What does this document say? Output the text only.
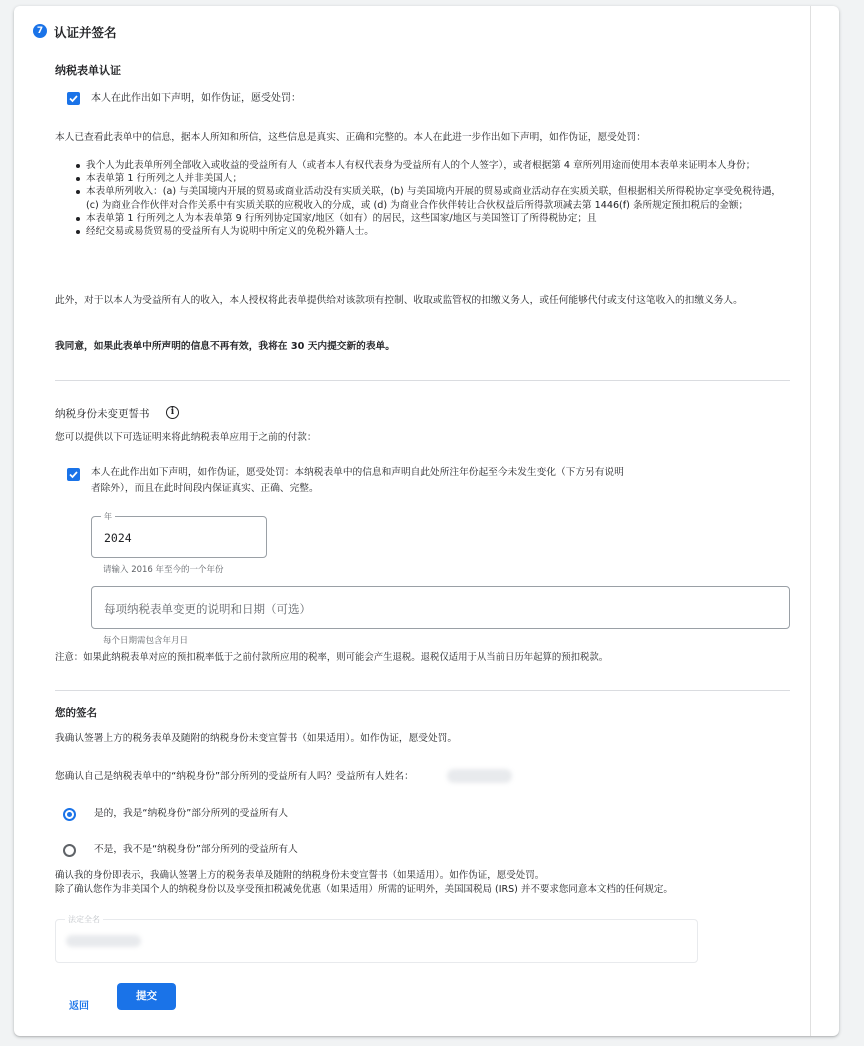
7 认证并签名
纳税表单认证
本人在此作出如下声明，如作伪证，愿受处罚：
本人已查看此表单中的信息，据本人所知和所信，这些信息是真实、正确和完整的。本人在此进一步作出如下声明，如作伪证，愿受处罚：
我个人为此表单所列全部收入或收益的受益所有人（或者本人有权代表身为受益所有人的个人签字），或者根据第 4 章所列用途而使用本表单来证明本人身份；
本表单第 1 行所列之人并非美国人；
本表单所列收入：(a) 与美国境内开展的贸易或商业活动没有实质关联，(b) 与美国境内开展的贸易或商业活动存在实质关联，但根据相关所得税协定享受免税待遇，(c) 为商业合作伙伴对合作关系中有实质关联的应税收入的分成，或 (d) 为商业合作伙伴转让合伙权益后所得款项减去第 1446(f) 条所规定预扣税后的金额；
本表单第 1 行所列之人为本表单第 9 行所列协定国家/地区（如有）的居民，这些国家/地区与美国签订了所得税协定；且
经纪交易或易货贸易的受益所有人为说明中所定义的免税外籍人士。
此外，对于以本人为受益所有人的收入，本人授权将此表单提供给对该款项有控制、收取或监管权的扣缴义务人，或任何能够代付或支付这笔收入的扣缴义务人。
我同意，如果此表单中所声明的信息不再有效，我将在 30 天内提交新的表单。
纳税身份未变更誓书	i
您可以提供以下可选证明来将此纳税表单应用于之前的付款：
本人在此作出如下声明，如作伪证，愿受处罚：本纳税表单中的信息和声明自此处所注年份起至今未发生变化（下方另有说明
者除外），而且在此时间段内保证真实、正确、完整。
年
2024
请输入 2016 年至今的一个年份
每项纳税表单变更的说明和日期（可选）
每个日期需包含年月日
注意：如果此纳税表单对应的预扣税率低于之前付款所应用的税率，则可能会产生退税。退税仅适用于从当前日历年起算的预扣税款。
您的签名
我确认签署上方的税务表单及随附的纳税身份未变宣誓书（如果适用）。如作伪证，愿受处罚。
您确认自己是纳税表单中的“纳税身份”部分所列的受益所有人吗？受益所有人姓名：
是的，我是“纳税身份”部分所列的受益所有人
不是，我不是“纳税身份”部分所列的受益所有人
确认我的身份即表示，我确认签署上方的税务表单及随附的纳税身份未变宣誓书（如果适用）。如作伪证，愿受处罚。
除了确认您作为非美国个人的纳税身份以及享受预扣税减免优惠（如果适用）所需的证明外，美国国税局 (IRS) 并不要求您同意本文档的任何规定。
法定全名
返回
提交
